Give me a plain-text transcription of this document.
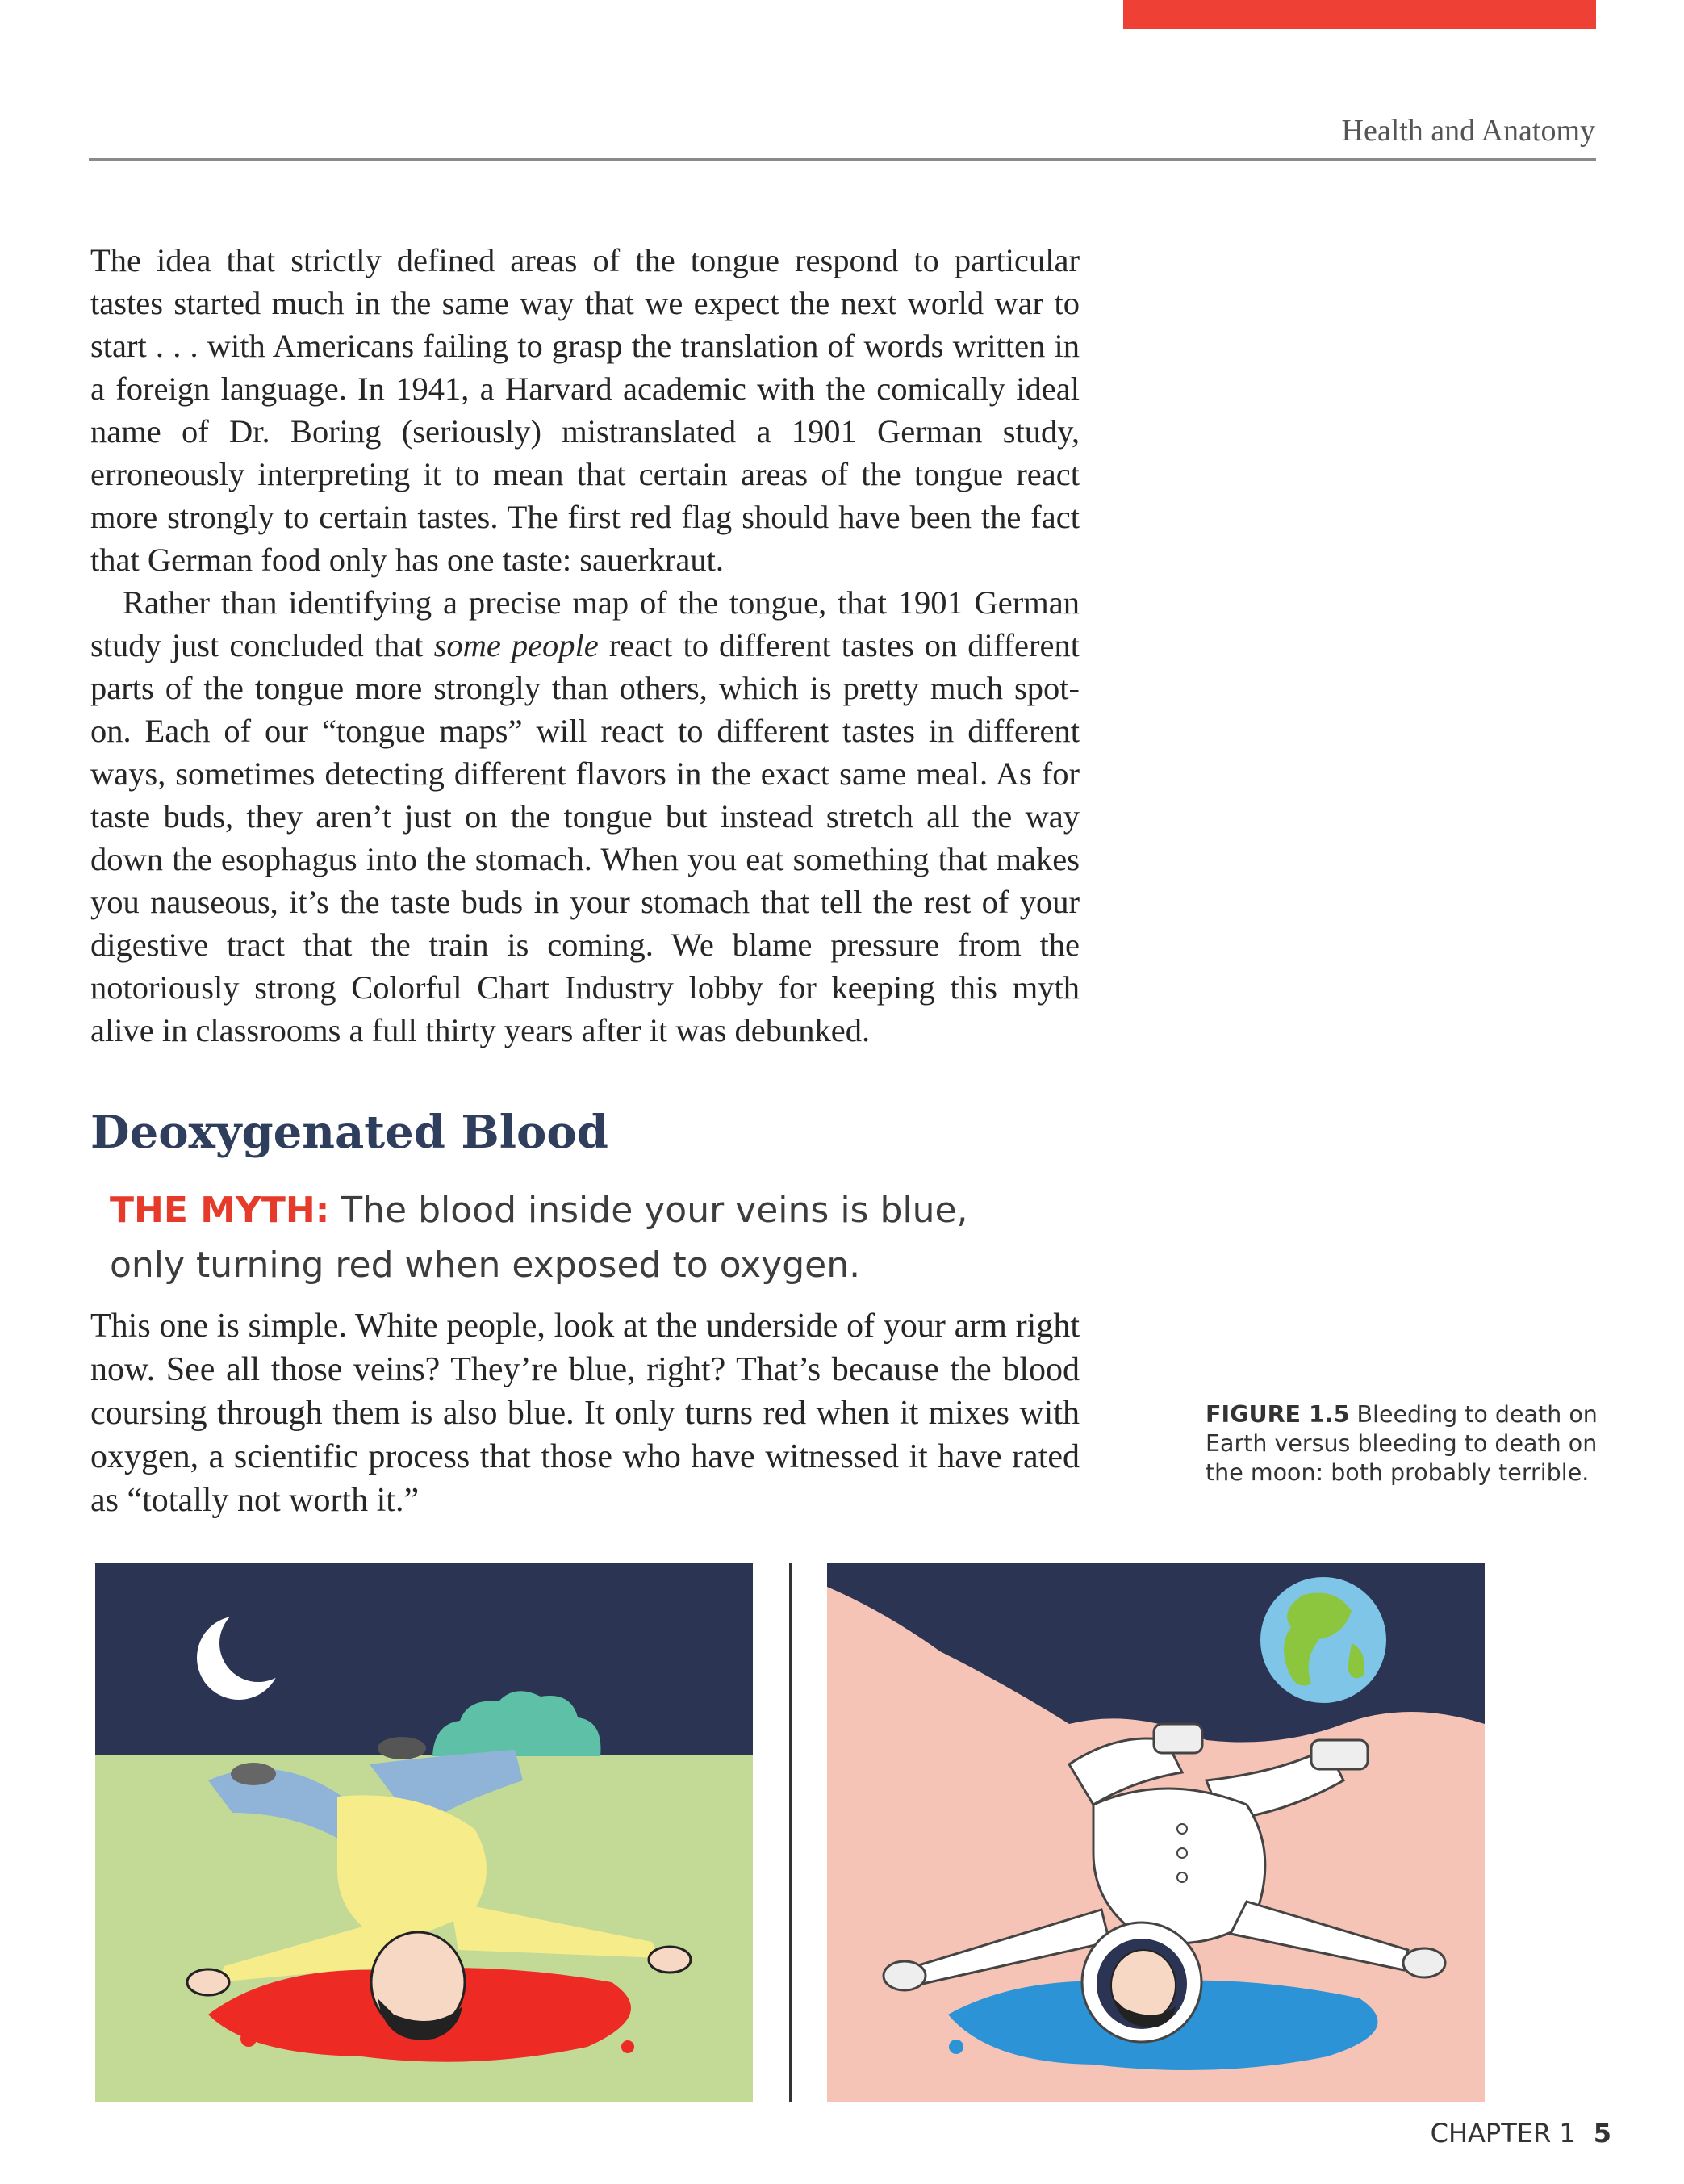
Health and Anatomy

The idea that strictly defined areas of the tongue respond to particular tastes started much in the same way that we expect the next world war to start . . . with Americans failing to grasp the translation of words written in a foreign language. In 1941, a Harvard academic with the comically ideal name of Dr. Boring (seriously) mistranslated a 1901 German study, erroneously interpreting it to mean that certain areas of the tongue react more strongly to certain tastes. The first red flag should have been the fact that German food only has one taste: sauerkraut.

Rather than identifying a precise map of the tongue, that 1901 German study just concluded that some people react to different tastes on different parts of the tongue more strongly than others, which is pretty much spot-on. Each of our “tongue maps” will react to different tastes in different ways, sometimes detecting different flavors in the exact same meal. As for taste buds, they aren’t just on the tongue but instead stretch all the way down the esophagus into the stomach. When you eat something that makes you nauseous, it’s the taste buds in your stomach that tell the rest of your digestive tract that the train is coming. We blame pressure from the notoriously strong Colorful Chart Industry lobby for keeping this myth alive in classrooms a full thirty years after it was debunked.

Deoxygenated Blood
THE MYTH: The blood inside your veins is blue, only turning red when exposed to oxygen.

This one is simple. White people, look at the underside of your arm right now. See all those veins? They’re blue, right? That’s because the blood coursing through them is also blue. It only turns red when it mixes with oxygen, a scientific process that those who have witnessed it have rated as “totally not worth it.”

FIGURE 1.5 Bleeding to death on Earth versus bleeding to death on the moon: both probably terrible.
CHAPTER 1 5
